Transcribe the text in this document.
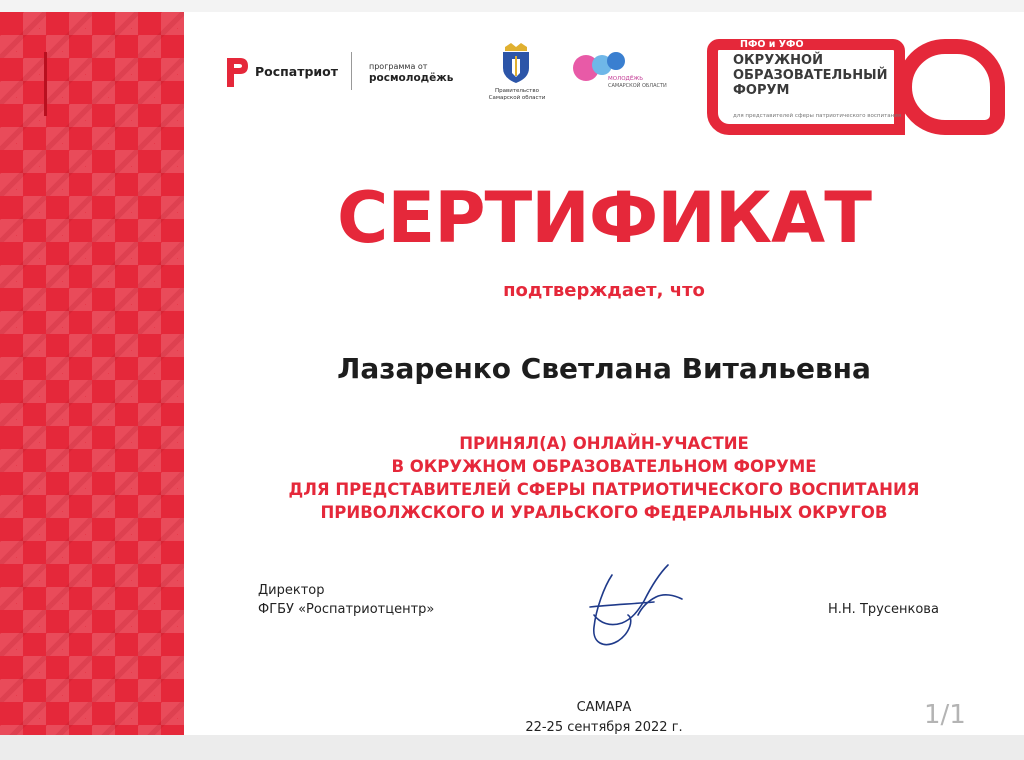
Роспатриот	программа от
росмолодёжь
Правительство
Самарской области
МОЛОДЁЖЬ
САМАРСКОЙ ОБЛАСТИ
ПФО и УФО
ОКРУЖНОЙ
ОБРАЗОВАТЕЛЬНЫЙ
ФОРУМ
для представителей сферы патриотического воспитания
СЕРТИФИКАТ
подтверждает, что
Лазаренко Светлана Витальевна
ПРИНЯЛ(А) ОНЛАЙН-УЧАСТИЕ
В ОКРУЖНОМ ОБРАЗОВАТЕЛЬНОМ ФОРУМЕ
ДЛЯ ПРЕДСТАВИТЕЛЕЙ СФЕРЫ ПАТРИОТИЧЕСКОГО ВОСПИТАНИЯ
ПРИВОЛЖСКОГО И УРАЛЬСКОГО ФЕДЕРАЛЬНЫХ ОКРУГОВ
Директор
ФГБУ «Роспатриотцентр»	Н.Н. Трусенкова
САМАРА
22-25 сентября 2022 г.	1/1
